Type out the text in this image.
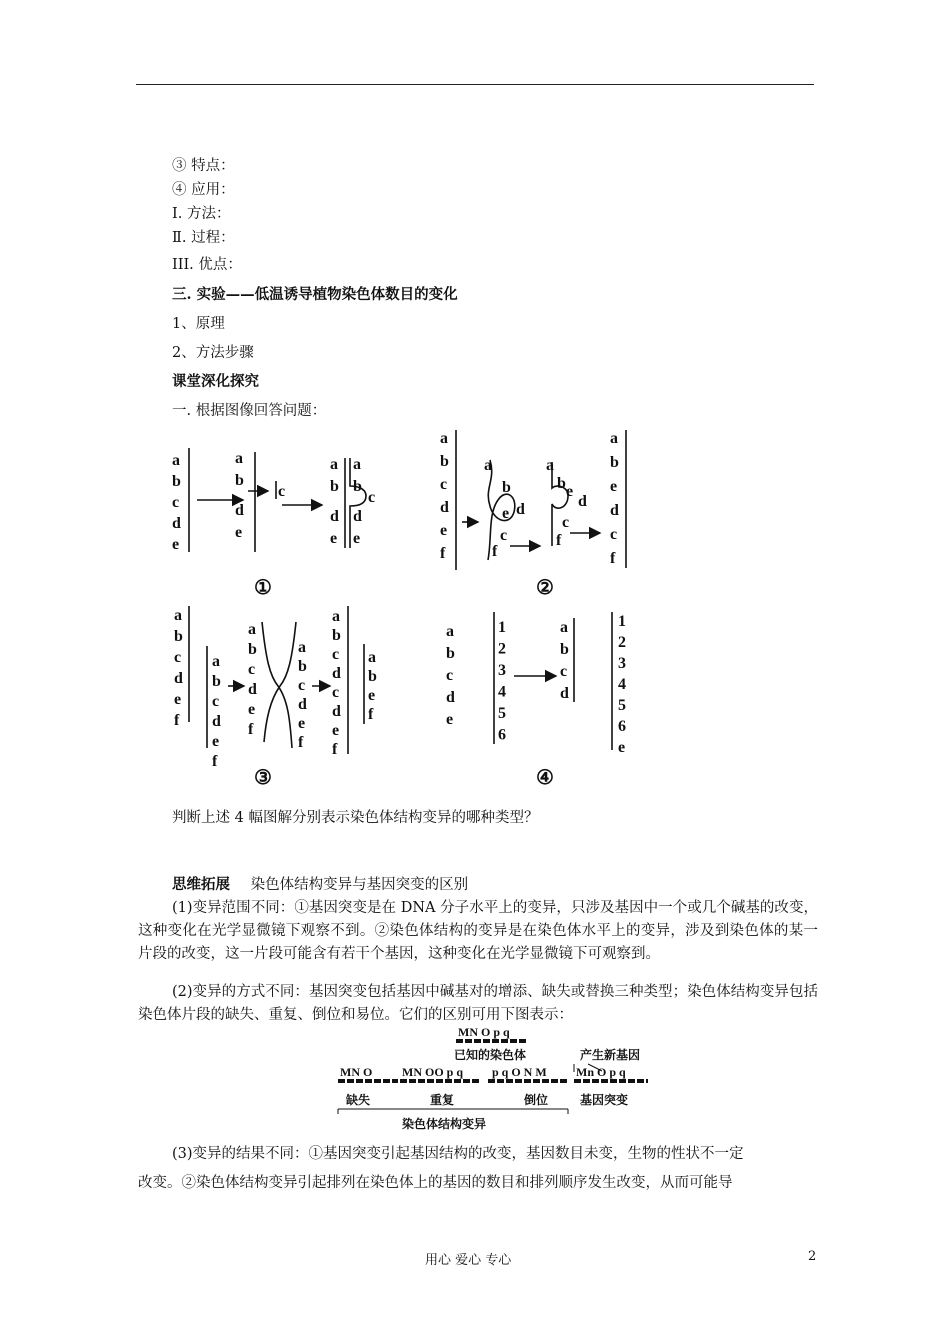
③ 特点：
④ 应用：
Ⅰ. 方法：
Ⅱ. 过程：
III. 优点：
三. 实验——低温诱导植物染色体数目的变化
1、原理
2、方法步骤
课堂深化探究
一. 根据图像回答问题：
a
b
c
d
e
c
a
b
d
e
a
b
d
e
a
b
d
e
c
a
b
c
d
e
f
a
b
e d
c
f
a
b e
d
c
f
a
b
e
d
c
f
a
b
c
d
e
f
a
b
c
d
e
f
a
b
c
d
e
f
a
b
c
d
e
f
a
b
c
d
c
d
e
f
a
b
e
f
a
b
c
d
e
1
2
3
4
5
6
a
b
c
d
1
2
3
4
5
6
e
①	②
③	④
判断上述 4 幅图解分别表示染色体结构变异的哪种类型？
思维拓展 染色体结构变异与基因突变的区别
(1)变异范围不同：①基因突变是在 DNA 分子水平上的变异，只涉及基因中一个或几个碱基的改变，这种变化在光学显微镜下观察不到。②染色体结构的变异是在染色体水平上的变异，涉及到染色体的某一片段的改变，这一片段可能含有若干个基因，这种变化在光学显微镜下可观察到。
(2)变异的方式不同：基因突变包括基因中碱基对的增添、缺失或替换三种类型；染色体结构变异包括染色体片段的缺失、重复、倒位和易位。它们的区别可用下图表示：
MN O p q
已知的染色体	产生新基因
MN O MN OO p q p q O N M Mn O p q
缺失	重复	倒位	基因突变
染色体结构变异
(3)变异的结果不同：①基因突变引起基因结构的改变，基因数目未变，生物的性状不一定
改变。②染色体结构变异引起排列在染色体上的基因的数目和排列顺序发生改变，从而可能导
用心 爱心 专心	2
